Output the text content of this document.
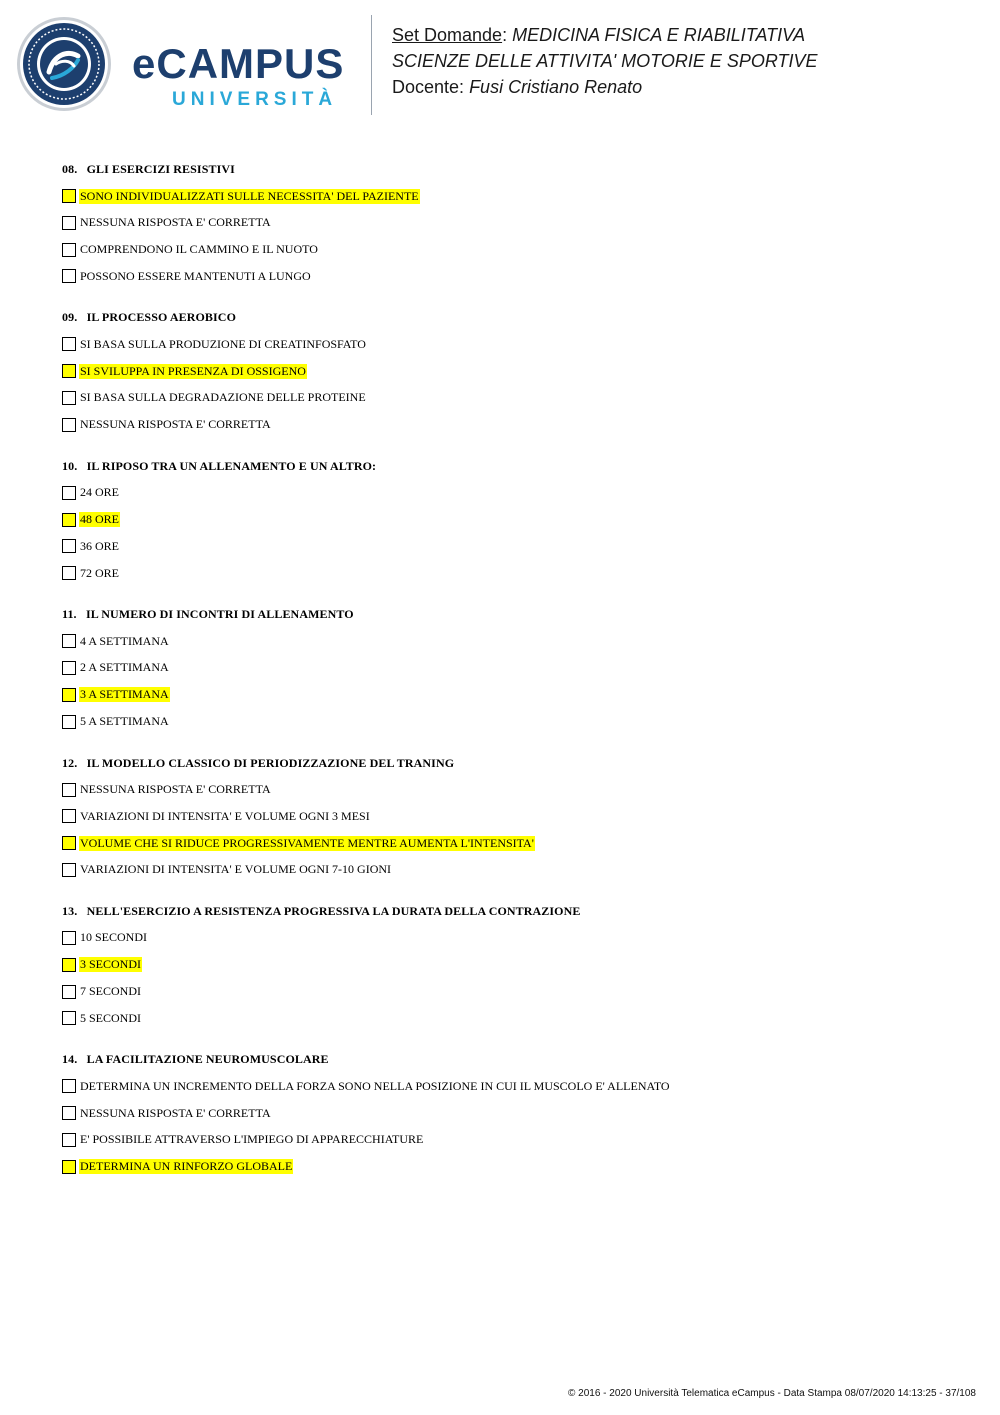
eCAMPUS
UNIVERSITÀ
Set Domande: MEDICINA FISICA E RIABILITATIVA
SCIENZE DELLE ATTIVITA' MOTORIE E SPORTIVE
Docente: Fusi Cristiano Renato
08. GLI ESERCIZI RESISTIVI
SONO INDIVIDUALIZZATI SULLE NECESSITA' DEL PAZIENTE
NESSUNA RISPOSTA E' CORRETTA
COMPRENDONO IL CAMMINO E IL NUOTO
POSSONO ESSERE MANTENUTI A LUNGO
09. IL PROCESSO AEROBICO
SI BASA SULLA PRODUZIONE DI CREATINFOSFATO
SI SVILUPPA IN PRESENZA DI OSSIGENO
SI BASA SULLA DEGRADAZIONE DELLE PROTEINE
NESSUNA RISPOSTA E' CORRETTA
10. IL RIPOSO TRA UN ALLENAMENTO E UN ALTRO:
24 ORE
48 ORE
36 ORE
72 ORE
11. IL NUMERO DI INCONTRI DI ALLENAMENTO
4 A SETTIMANA
2 A SETTIMANA
3 A SETTIMANA
5 A SETTIMANA
12. IL MODELLO CLASSICO DI PERIODIZZAZIONE DEL TRANING
NESSUNA RISPOSTA E' CORRETTA
VARIAZIONI DI INTENSITA' E VOLUME OGNI 3 MESI
VOLUME CHE SI RIDUCE PROGRESSIVAMENTE MENTRE AUMENTA L'INTENSITA'
VARIAZIONI DI INTENSITA' E VOLUME OGNI 7-10 GIONI
13. NELL'ESERCIZIO A RESISTENZA PROGRESSIVA LA DURATA DELLA CONTRAZIONE
10 SECONDI
3 SECONDI
7 SECONDI
5 SECONDI
14. LA FACILITAZIONE NEUROMUSCOLARE
DETERMINA UN INCREMENTO DELLA FORZA SONO NELLA POSIZIONE IN CUI IL MUSCOLO E' ALLENATO
NESSUNA RISPOSTA E' CORRETTA
E' POSSIBILE ATTRAVERSO L'IMPIEGO DI APPARECCHIATURE
DETERMINA UN RINFORZO GLOBALE
© 2016 - 2020 Università Telematica eCampus - Data Stampa 08/07/2020 14:13:25 - 37/108
